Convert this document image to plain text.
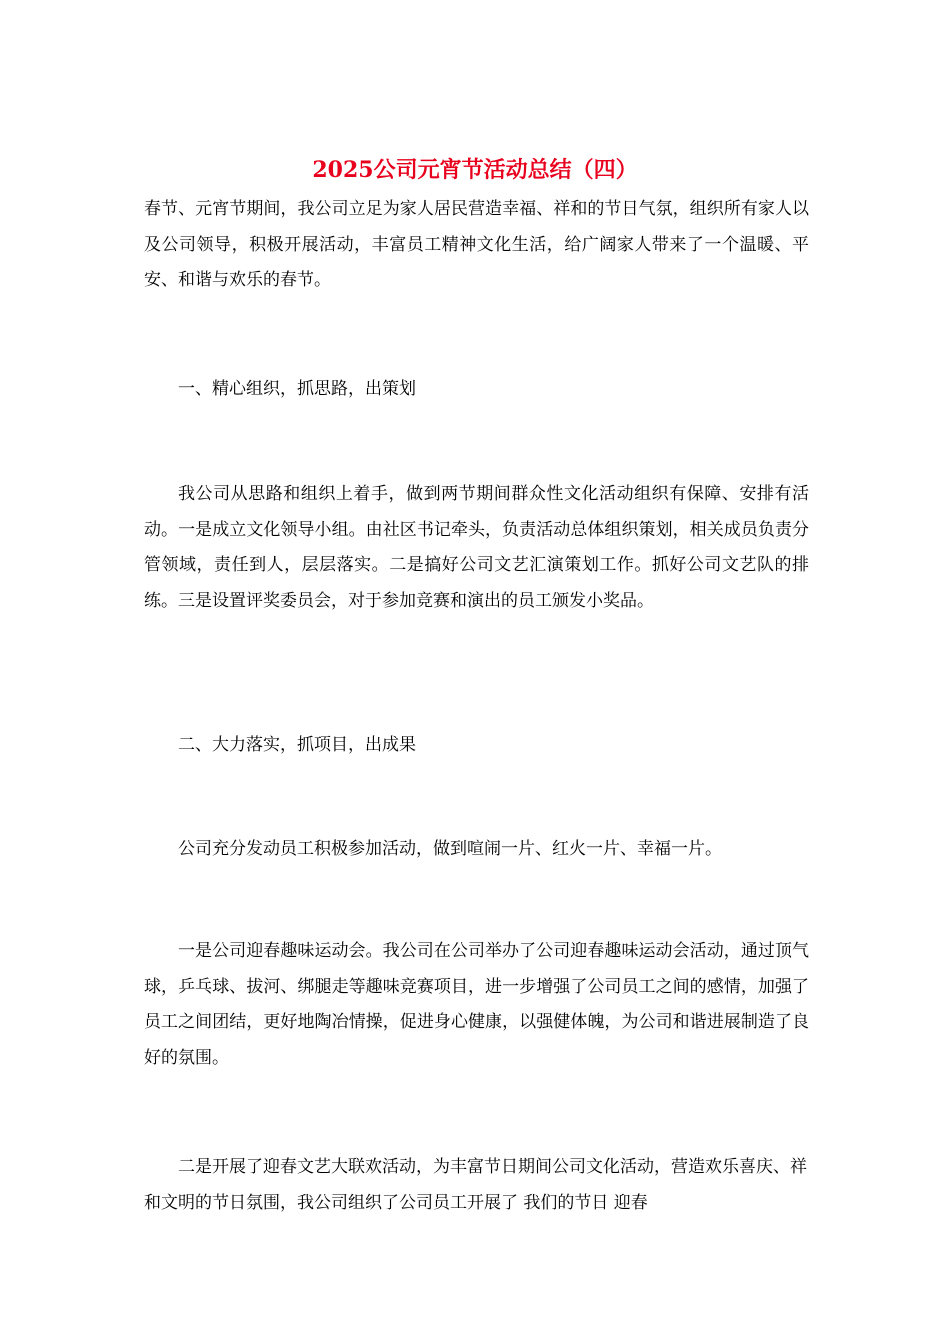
2025公司元宵节活动总结（四）

春节、元宵节期间，我公司立足为家人居民营造幸福、祥和的节日气氛，组织所有家人以及公司领导，积极开展活动，丰富员工精神文化生活，给广阔家人带来了一个温暖、平安、和谐与欢乐的春节。

一、精心组织，抓思路，出策划

我公司从思路和组织上着手，做到两节期间群众性文化活动组织有保障、安排有活动。一是成立文化领导小组。由社区书记牵头，负责活动总体组织策划，相关成员负责分管领域，责任到人，层层落实。二是搞好公司文艺汇演策划工作。抓好公司文艺队的排练。三是设置评奖委员会，对于参加竞赛和演出的员工颁发小奖品。

二、大力落实，抓项目，出成果

公司充分发动员工积极参加活动，做到喧闹一片、红火一片、幸福一片。

一是公司迎春趣味运动会。我公司在公司举办了公司迎春趣味运动会活动，通过顶气球，乒乓球、拔河、绑腿走等趣味竞赛项目，进一步增强了公司员工之间的感情，加强了员工之间团结，更好地陶冶情操，促进身心健康，以强健体魄，为公司和谐进展制造了良好的氛围。

二是开展了迎春文艺大联欢活动，为丰富节日期间公司文化活动，营造欢乐喜庆、祥和文明的节日氛围，我公司组织了公司员工开展了 我们的节日 迎春
